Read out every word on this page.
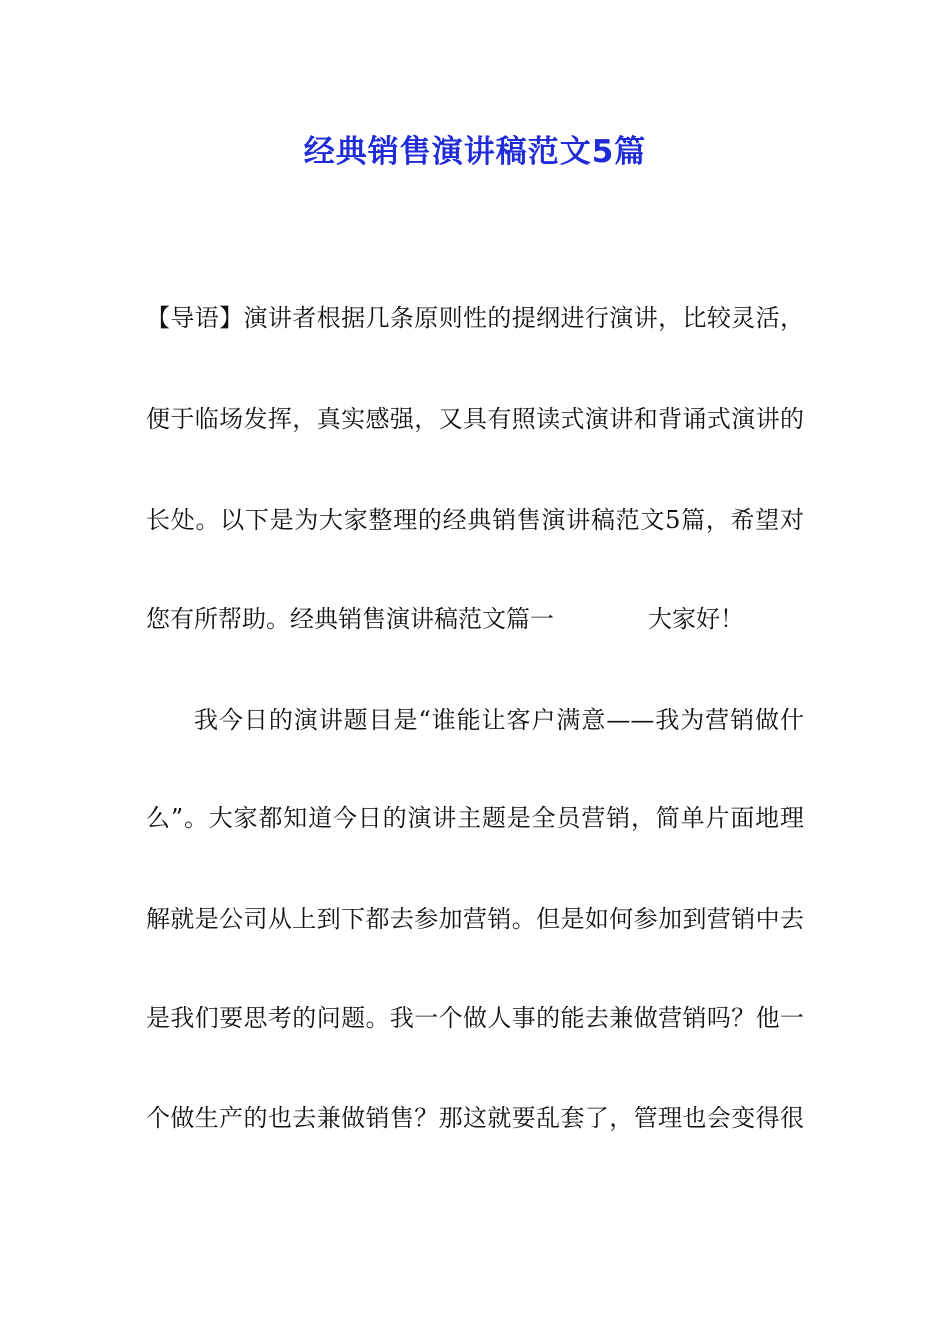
经典销售演讲稿范文5篇
【导语】演讲者根据几条原则性的提纲进行演讲，比较灵活，
便于临场发挥，真实感强，又具有照读式演讲和背诵式演讲的
长处。以下是为大家整理的经典销售演讲稿范文5篇，希望对
您有所帮助。经典销售演讲稿范文篇一	大家好！
我今日的演讲题目是“谁能让客户满意——我为营销做什
么”。大家都知道今日的演讲主题是全员营销，简单片面地理
解就是公司从上到下都去参加营销。但是如何参加到营销中去
是我们要思考的问题。我一个做人事的能去兼做营销吗？他一
个做生产的也去兼做销售？那这就要乱套了，管理也会变得很
